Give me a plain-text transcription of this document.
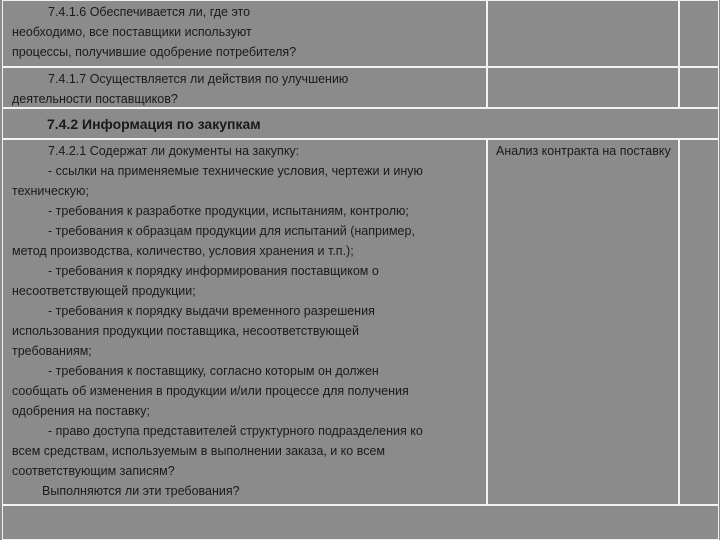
7.4.1.6 Обеспечивается ли, где это

необходимо, все поставщики используют

процессы, получившие одобрение потребителя?

7.4.1.7 Осуществляется ли действия по улучшению

деятельности поставщиков?

7.4.2 Информация по закупкам

7.4.2.1 Содержат ли документы на закупку:

- ссылки на применяемые технические условия, чертежи и иную

техническую;

- требования к разработке продукции, испытаниям, контролю;

- требования к образцам продукции для испытаний (например,

метод производства, количество, условия хранения и т.п.);

- требования к порядку информирования поставщиком о

несоответствующей продукции;

- требования к порядку выдачи временного разрешения

использования продукции поставщика, несоответствующей

требованиям;

- требования к поставщику, согласно которым он должен

сообщать об изменения в продукции и/или процессе для получения

одобрения на поставку;

- право доступа представителей структурного подразделения ко

всем средствам, используемым в выполнении заказа, и ко всем

соответствующим записям?

Выполняются ли эти требования?

Анализ контракта на поставку
